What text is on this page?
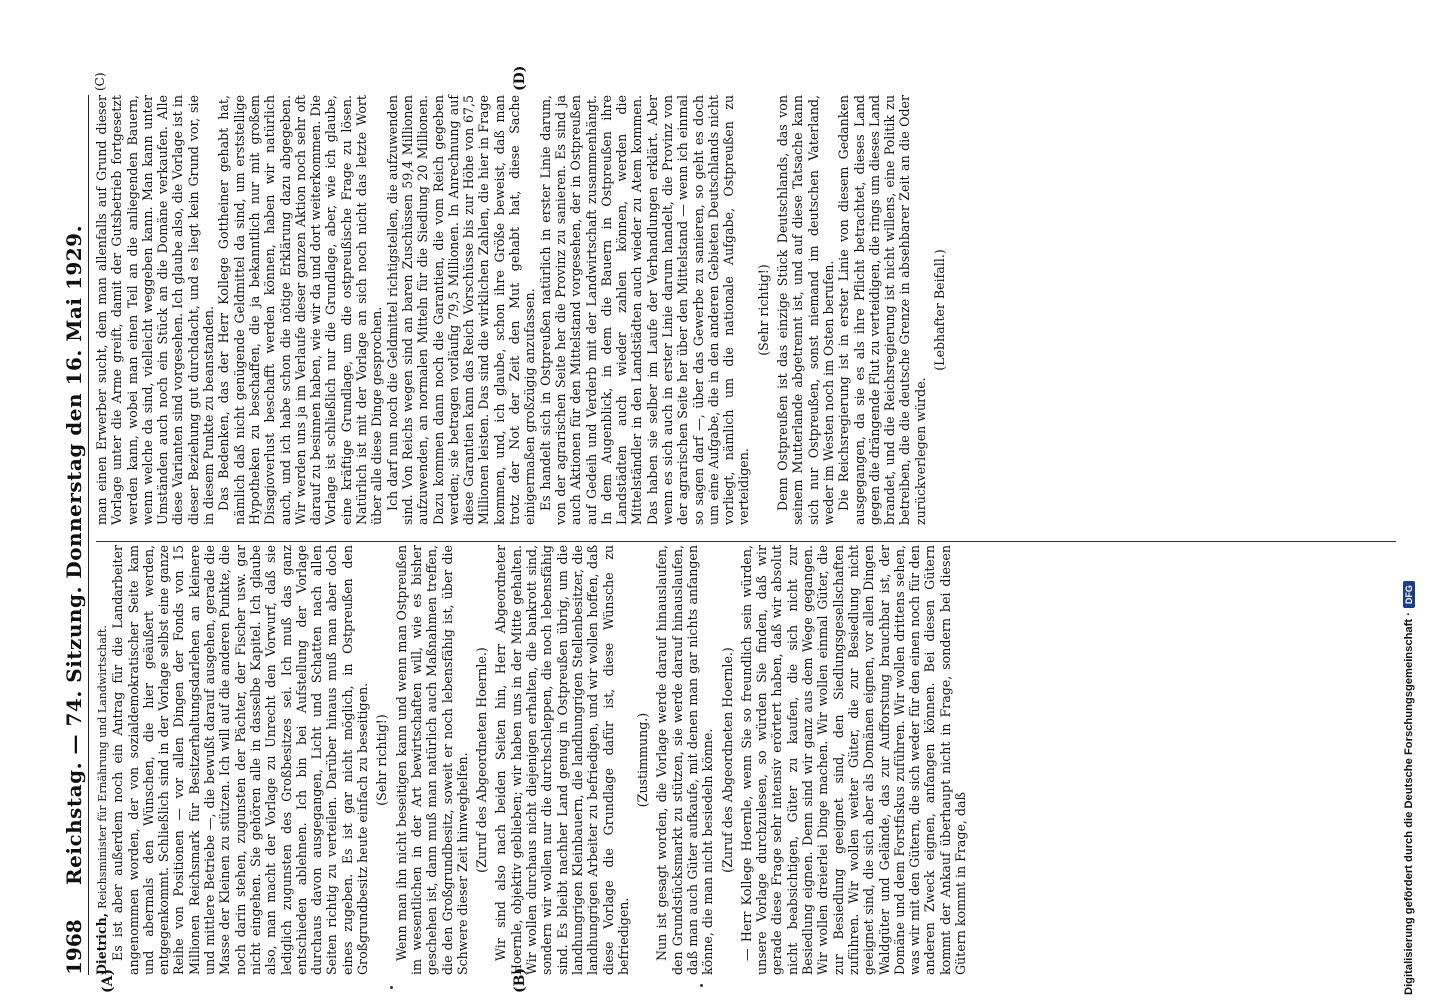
1968
Reichstag. — 74. Sitzung. Donnerstag den 16. Mai 1929.
(A)	(B)
(C)	(D)

Dietrich, Reichsminister für Ernährung und Landwirtschaft. Es ist aber außerdem noch ein Antrag für die Landarbeiter angenommen worden, der von sozialdemokratischer Seite kam und abermals den Wünschen, die hier geäußert werden, entgegenkommt. Schließlich sind in der Vorlage selbst eine ganze Reihe von Positionen — vor allen Dingen der Fonds von 15 Millionen Reichsmark für Besitzerhaltungsdarlehen an kleinere und mittlere Betriebe —, die bewußt darauf ausgehen, gerade die Masse der Kleinen zu stützen. Ich will auf die anderen Punkte, die noch darin stehen, zugunsten der Pächter, der Fischer usw. gar nicht eingehen. Sie gehören alle in dasselbe Kapitel. Ich glaube also, man macht der Vorlage zu Unrecht den Vorwurf, daß sie lediglich zugunsten des Großbesitzes sei. Ich muß das ganz entschieden ablehnen. Ich bin bei Aufstellung der Vorlage durchaus davon ausgegangen, Licht und Schatten nach allen Seiten richtig zu verteilen. Darüber hinaus muß man aber doch eines zugeben. Es ist gar nicht möglich, in Ostpreußen den Großgrundbesitz heute einfach zu beseitigen. (Sehr richtig!) Wenn man ihn nicht beseitigen kann und wenn man Ostpreußen im wesentlichen in der Art bewirtschaften will, wie es bisher geschehen ist, dann muß man natürlich auch Maßnahmen treffen, die den Großgrundbesitz, soweit er noch lebensfähig ist, über die Schwere dieser Zeit hinweghelfen. (Zuruf des Abgeordneten Hoernle.) Wir sind also nach beiden Seiten hin, Herr Abgeordneter Hoernle, objektiv geblieben; wir haben uns in der Mitte gehalten. Wir wollen durchaus nicht diejenigen erhalten, die bankrott sind, sondern wir wollen nur die durchschleppen, die noch lebensfähig sind. Es bleibt nachher Land genug in Ostpreußen übrig, um die landhungrigen Kleinbauern, die landhungrigen Stellenbesitzer, die landhungrigen Arbeiter zu befriedigen, und wir wollen hoffen, daß diese Vorlage die Grundlage dafür ist, diese Wünsche zu befriedigen.

(Zustimmung.) Nun ist gesagt worden, die Vorlage werde darauf hinauslaufen, den Grundstücksmarkt zu stützen, sie werde darauf hinauslaufen, daß man auch Güter aufkaufe, mit denen man gar nichts anfangen könne, die man nicht besiedeln könne. (Zuruf des Abgeordneten Hoernle.) — Herr Kollege Hoernle, wenn Sie so freundlich sein würden, unsere Vorlage durchzulesen, so würden Sie finden, daß wir gerade diese Frage sehr intensiv erörtert haben, daß wir absolut nicht beabsichtigen, Güter zu kaufen, die sich nicht zur Besiedlung eignen. Denn sind wir ganz aus dem Wege gegangen. Wir wollen dreierlei Dinge machen. Wir wollen einmal Güter, die zur Besiedlung geeignet sind, den Siedlungsgesellschaften zuführen. Wir wollen weiter Güter, die zur Besiedlung nicht geeignet sind, die sich aber als Domänen eignen, vor allen Dingen Waldgüter und Gelände, das zur Aufforstung brauchbar ist, der Domäne und dem Forstfiskus zuführen. Wir wollen drittens sehen, was wir mit den Gütern, die sich weder für den einen noch für den anderen Zweck eignen, anfangen können. Bei diesen Gütern kommt der Ankauf überhaupt nicht in Frage, sondern bei diesen Gütern kommt in Frage, daß

man einen Erwerber sucht, dem man allenfalls auf Grund dieser Vorlage unter die Arme greift, damit der Gutsbetrieb fortgesetzt werden kann, wobei man einen Teil an die anliegenden Bauern, wenn welche da sind, vielleicht weggeben kann. Man kann unter Umständen auch noch ein Stück an die Domäne verkaufen. Alle diese Varianten sind vorgesehen. Ich glaube also, die Vorlage ist in dieser Beziehung gut durchdacht, und es liegt kein Grund vor, sie in diesem Punkte zu beanstanden. Das Bedenken, das der Herr Kollege Gottheiner gehabt hat, nämlich daß nicht genügende Geldmittel da sind, um erststellige Hypotheken zu beschaffen, die ja bekanntlich nur mit großem Disagioverlust beschafft werden können, haben wir natürlich auch, und ich habe schon die nötige Erklärung dazu abgegeben. Wir werden uns ja im Verlaufe dieser ganzen Aktion noch sehr oft darauf zu besinnen haben, wie wir da und dort weiterkommen. Die Vorlage ist schließlich nur die Grundlage, aber, wie ich glaube, eine kräftige Grundlage, um die ostpreußische Frage zu lösen. Natürlich ist mit der Vorlage an sich noch nicht das letzte Wort über alle diese Dinge gesprochen. Ich darf nun noch die Geldmittel richtigstellen, die aufzuwenden sind. Von Reichs wegen sind an baren Zuschüssen 59,4 Millionen aufzuwenden, an normalen Mitteln für die Siedlung 20 Millionen. Dazu kommen dann noch die Garantien, die vom Reich gegeben werden; sie betragen vorläufig 79,5 Millionen. In Anrechnung auf diese Garantien kann das Reich Vorschüsse bis zur Höhe von 67,5 Millionen leisten. Das sind die wirklichen Zahlen, die hier in Frage kommen, und, ich glaube, schon ihre Größe beweist, daß man trotz der Not der Zeit den Mut gehabt hat, diese Sache einigermaßen großzügig anzufassen. Es handelt sich in Ostpreußen natürlich in erster Linie darum, von der agrarischen Seite her die Provinz zu sanieren. Es sind ja auch Aktionen für den Mittelstand vorgesehen, der in Ostpreußen auf Gedeih und Verderb mit der Landwirtschaft zusammenhängt. In dem Augenblick, in dem die Bauern in Ostpreußen ihre Landstädten auch wieder zahlen können, werden die Mittelständler in den Landstädten auch wieder zu Atem kommen. Das haben sie selber im Laufe der Verhandlungen erklärt. Aber wenn es sich auch in erster Linie darum handelt, die Provinz von der agrarischen Seite her über den Mittelstand — wenn ich einmal so sagen darf —, über das Gewerbe zu sanieren, so geht es doch um eine Aufgabe, die in den anderen Gebieten Deutschlands nicht vorliegt, nämlich um die nationale Aufgabe, Ostpreußen zu verteidigen.

(Sehr richtig!) Denn Ostpreußen ist das einzige Stück Deutschlands, das von seinem Mutterlande abgetrennt ist, und auf diese Tatsache kann sich nur Ostpreußen, sonst niemand im deutschen Vaterland, weder im Westen noch im Osten berufen. Die Reichsregierung ist in erster Linie von diesem Gedanken ausgegangen, da sie es als ihre Pflicht betrachtet, dieses Land gegen die drängende Flut zu verteidigen, die rings um dieses Land brandet, und die Reichsregierung ist nicht willens, eine Politik zu betreiben, die die deutsche Grenze in absehbarer Zeit an die Oder zurückverlegen würde.

(Lebhafter Beifall.)

Digitalisierung gefördert durch die Deutsche Forschungsgemeinschaft ·
DFG
